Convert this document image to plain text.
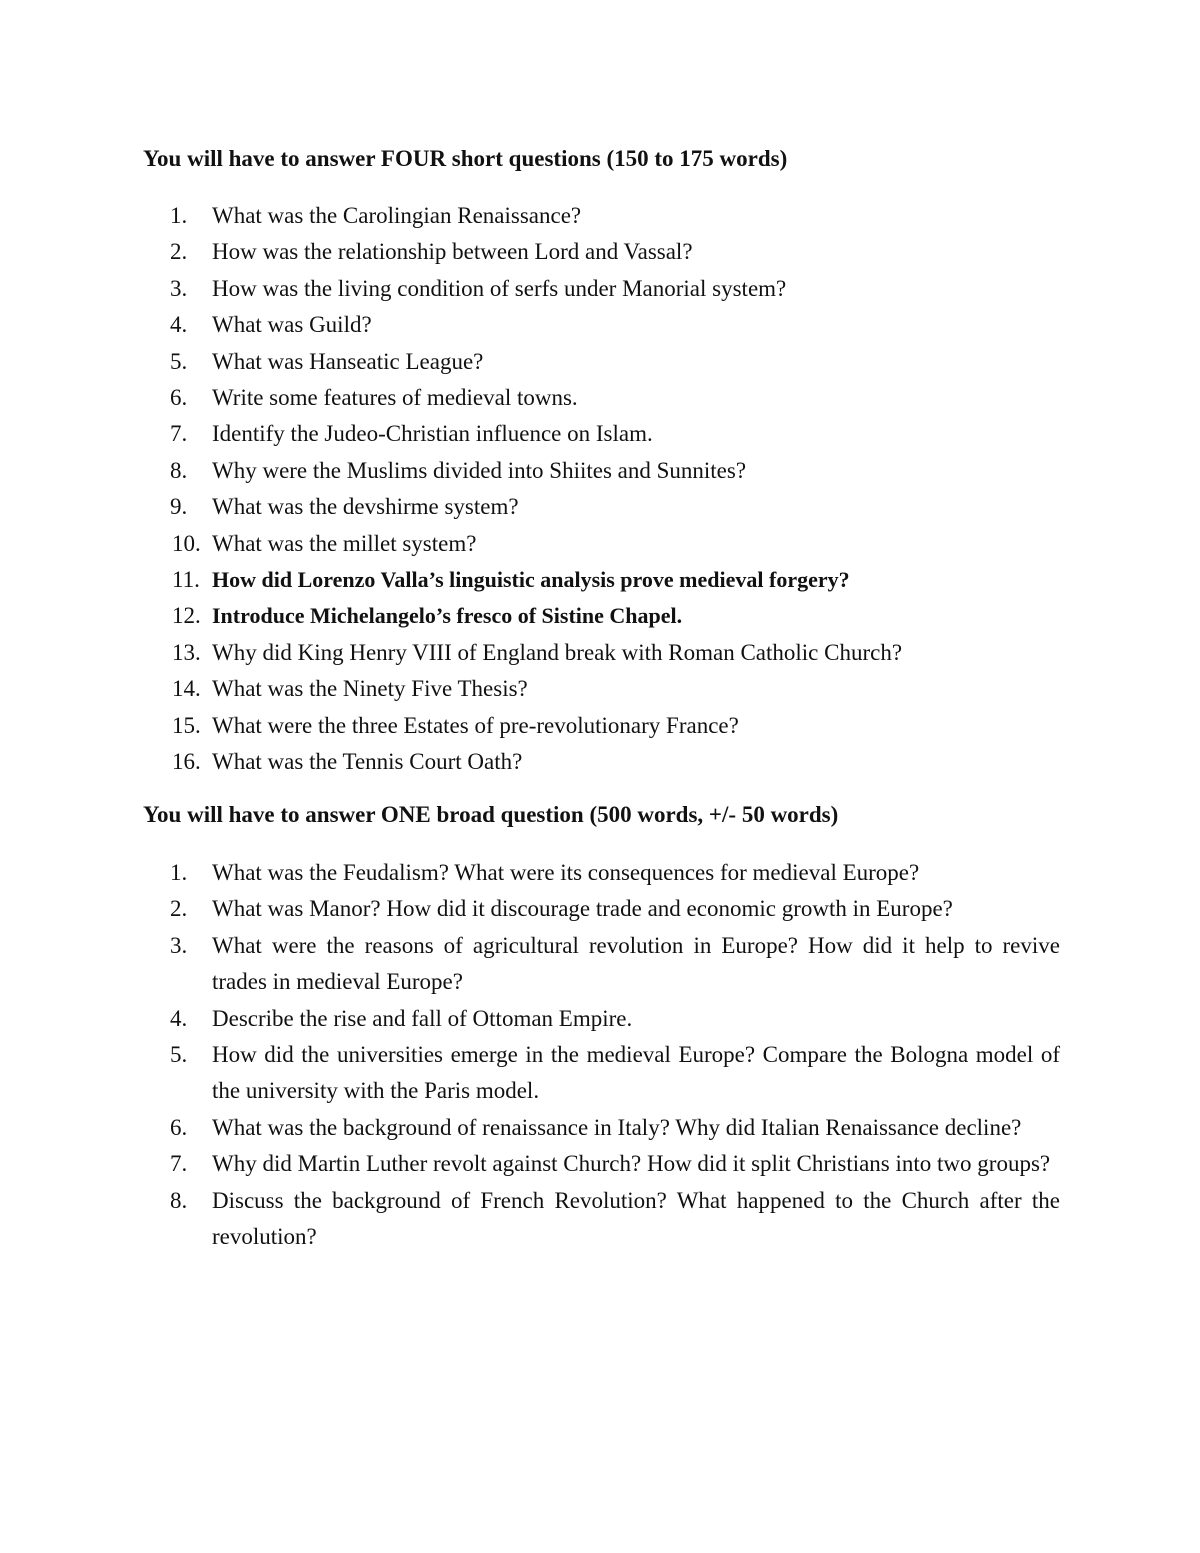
You will have to answer FOUR short questions (150 to 175 words)
1.	What was the Carolingian Renaissance?
2.	How was the relationship between Lord and Vassal?
3.	How was the living condition of serfs under Manorial system?
4.	What was Guild?
5.	What was Hanseatic League?
6.	Write some features of medieval towns.
7.	Identify the Judeo-Christian influence on Islam.
8.	Why were the Muslims divided into Shiites and Sunnites?
9.	What was the devshirme system?
10. What was the millet system?
11. How did Lorenzo Valla’s linguistic analysis prove medieval forgery?
12. Introduce Michelangelo’s fresco of Sistine Chapel.
13. Why did King Henry VIII of England break with Roman Catholic Church?
14. What was the Ninety Five Thesis?
15. What were the three Estates of pre-revolutionary France?
16. What was the Tennis Court Oath?
You will have to answer ONE broad question (500 words, +/- 50 words)
1.	What was the Feudalism? What were its consequences for medieval Europe?
2.	What was Manor? How did it discourage trade and economic growth in Europe?
3.	What were the reasons of agricultural revolution in Europe? How did it help to revive trades in medieval Europe?
4.	Describe the rise and fall of Ottoman Empire.
5.	How did the universities emerge in the medieval Europe? Compare the Bologna model of the university with the Paris model.
6.	What was the background of renaissance in Italy? Why did Italian Renaissance decline?
7.	Why did Martin Luther revolt against Church? How did it split Christians into two groups?
8.	Discuss the background of French Revolution? What happened to the Church after the revolution?
